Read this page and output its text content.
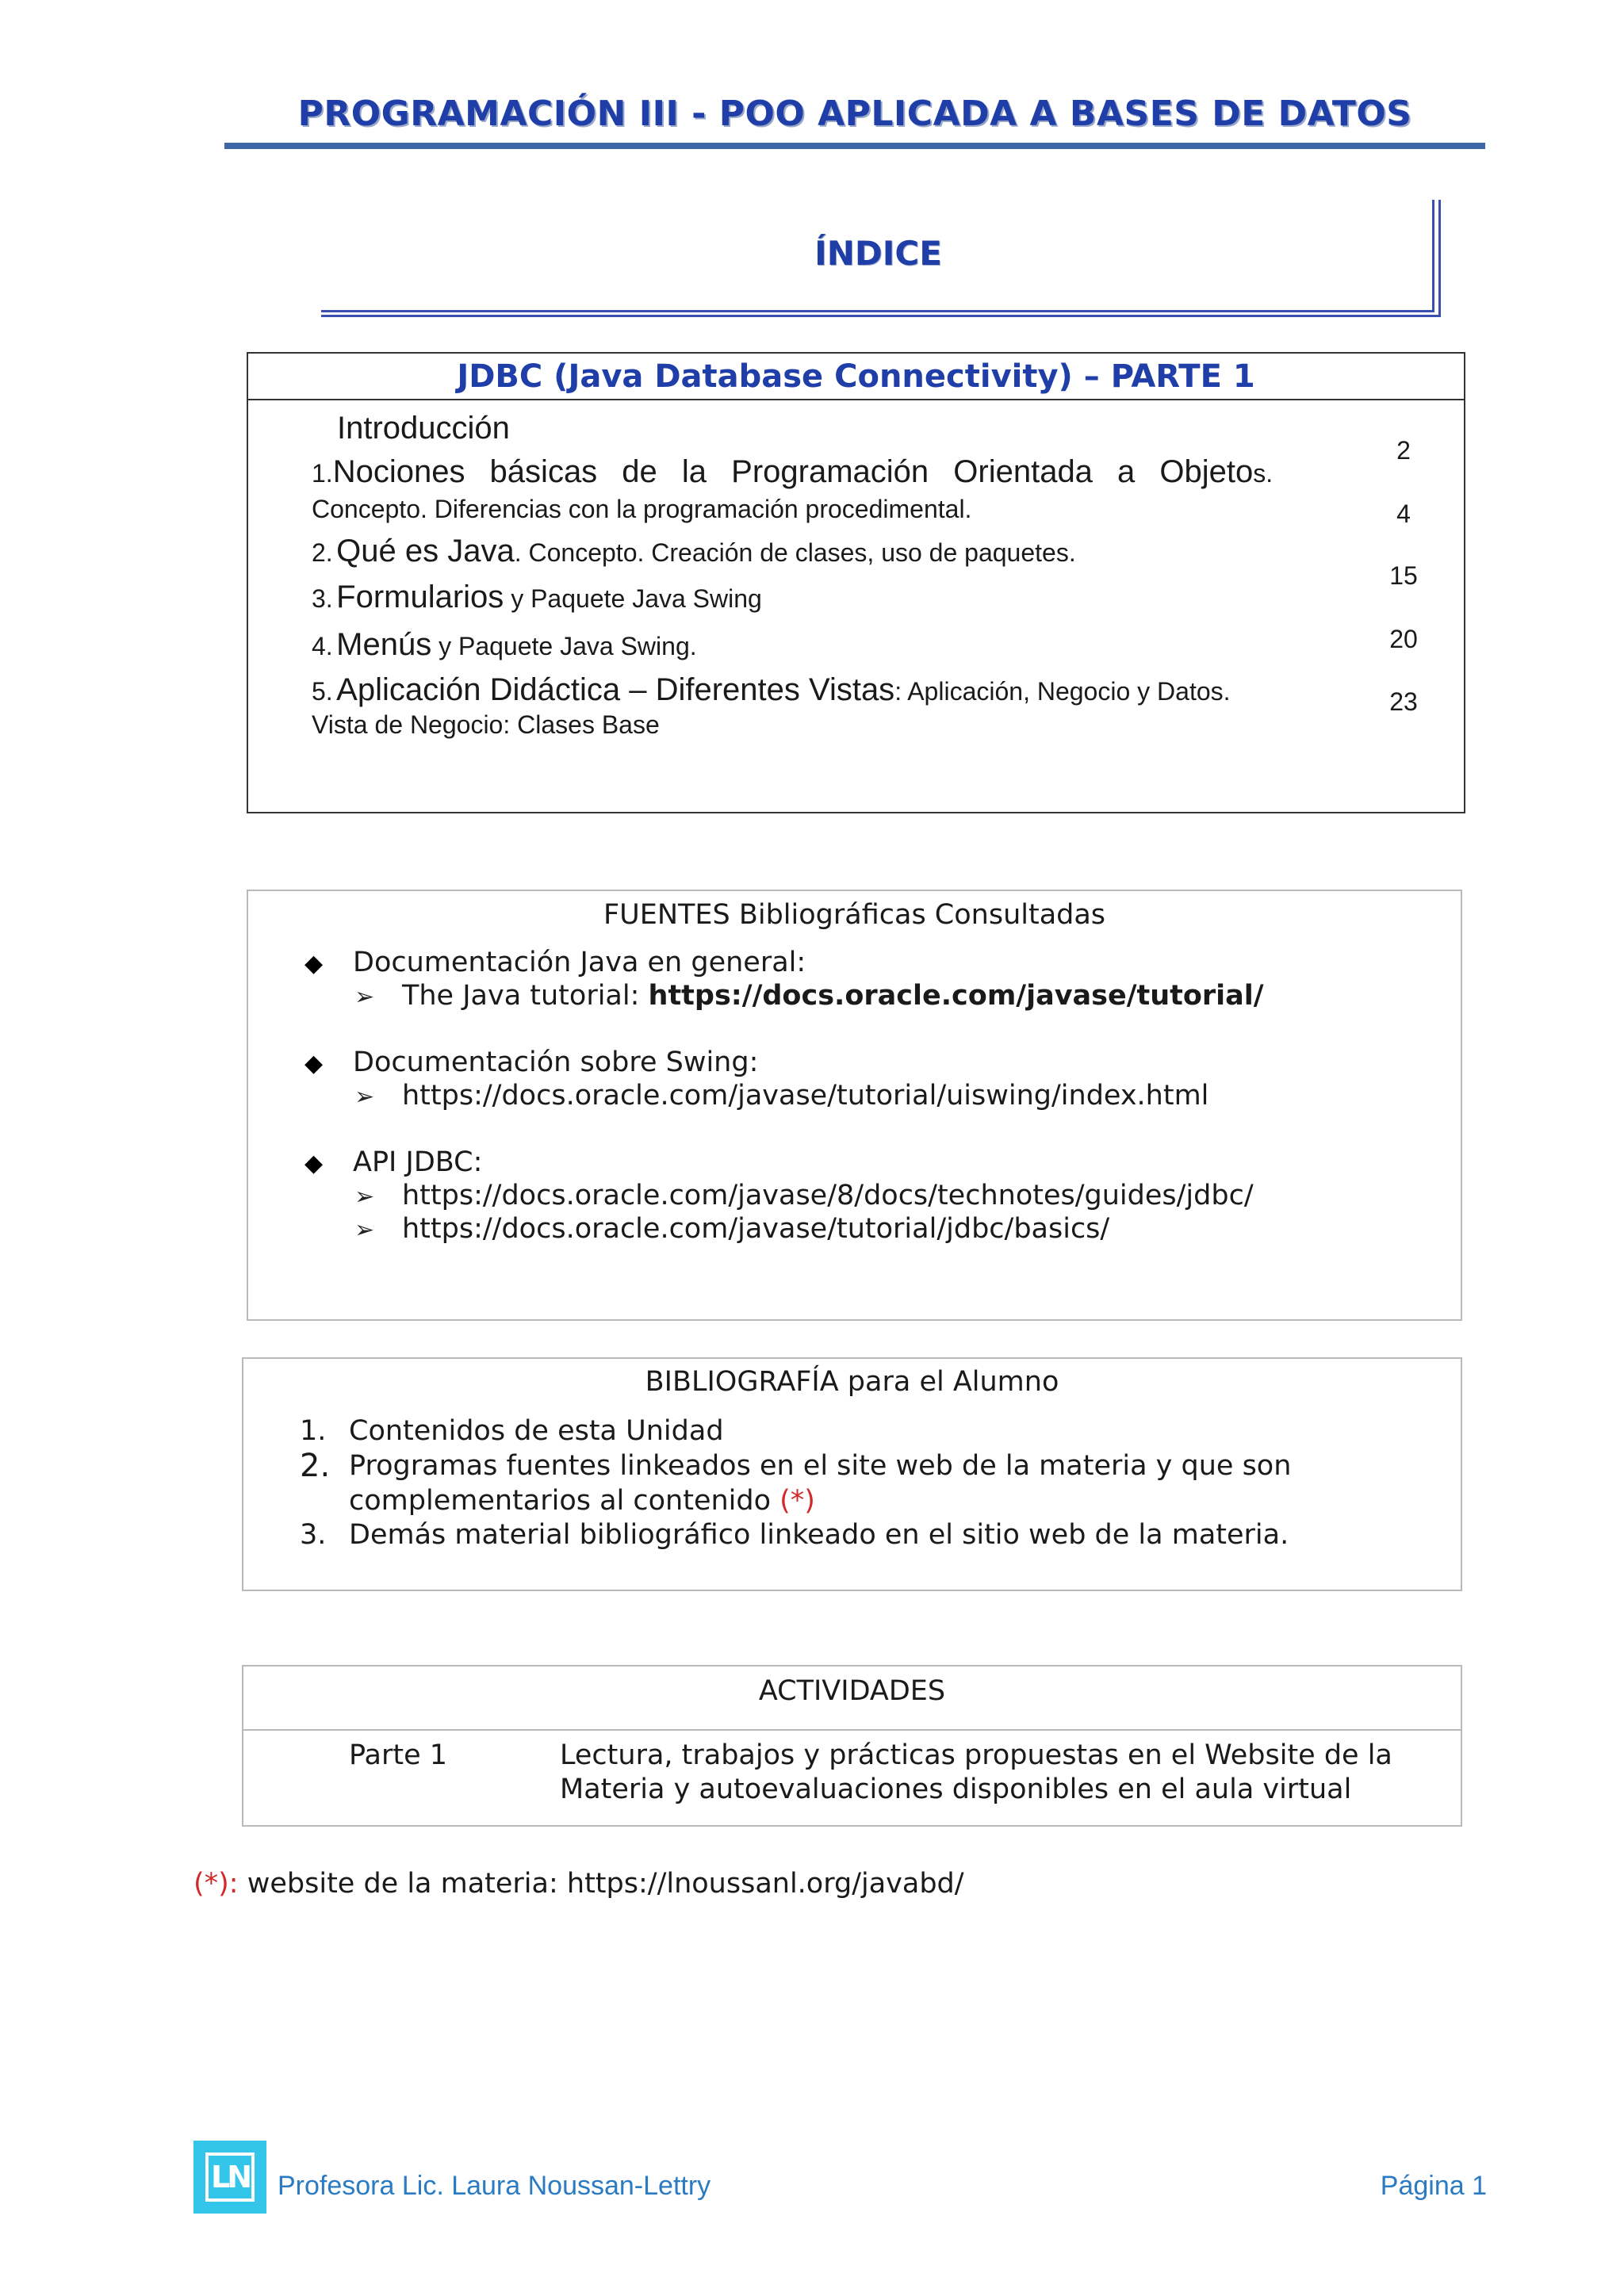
PROGRAMACIÓN III - POO APLICADA A BASES DE DATOS
ÍNDICE
JDBC (Java Database Connectivity) – PARTE 1
Introducción
1.Nociones básicas de la Programación Orientada a Objetos.
Concepto. Diferencias con la programación procedimental.
2. Qué es Java. Concepto. Creación de clases, uso de paquetes.
3. Formularios y Paquete Java Swing
4. Menús y Paquete Java Swing.
5. Aplicación Didáctica – Diferentes Vistas: Aplicación, Negocio y Datos.
Vista de Negocio: Clases Base
2
4
15
20
23
FUENTES Bibliográficas Consultadas
◆ Documentación Java en general:
➢ The Java tutorial: https://docs.oracle.com/javase/tutorial/
◆ Documentación sobre Swing:
➢ https://docs.oracle.com/javase/tutorial/uiswing/index.html
◆ API JDBC:
➢ https://docs.oracle.com/javase/8/docs/technotes/guides/jdbc/
➢ https://docs.oracle.com/javase/tutorial/jdbc/basics/
BIBLIOGRAFÍA para el Alumno
1. Contenidos de esta Unidad
2. Programas fuentes linkeados en el site web de la materia y que son
complementarios al contenido (*)
3. Demás material bibliográfico linkeado en el sitio web de la materia.
ACTIVIDADES
Parte 1	Lectura, trabajos y prácticas propuestas en el Website de la
Materia y autoevaluaciones disponibles en el aula virtual
(*): website de la materia: https://lnoussanl.org/javabd/
LN Profesora Lic. Laura Noussan-Lettry	Página 1
